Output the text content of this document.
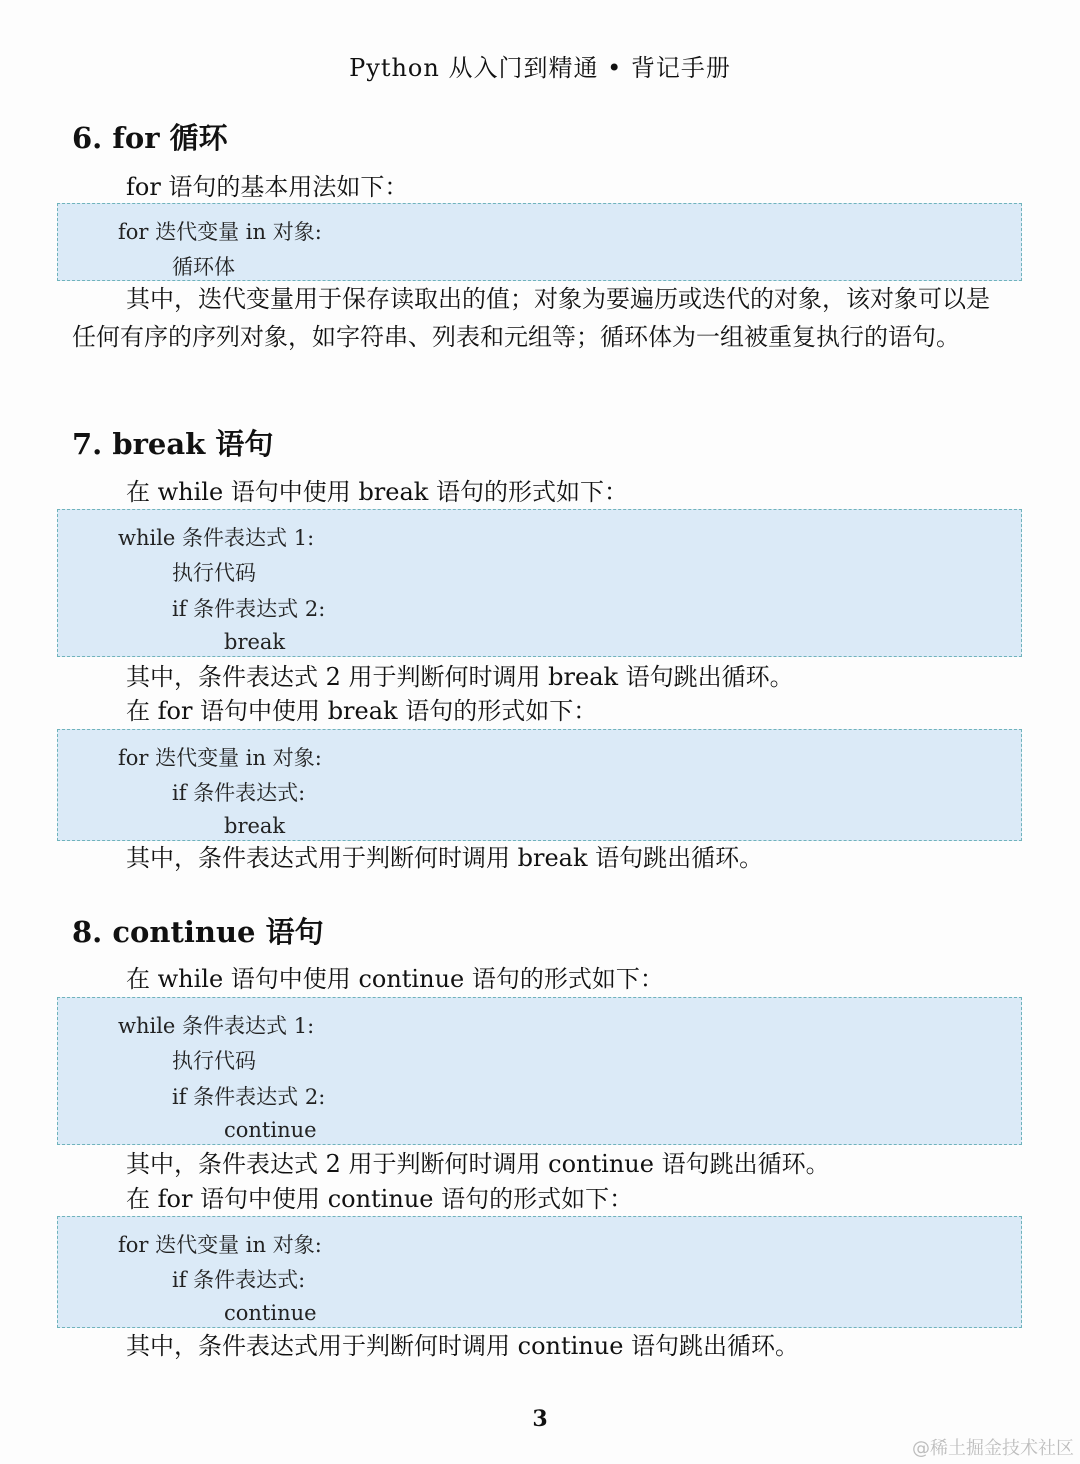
Python 从入门到精通 • 背记手册
6. for 循环
for 语句的基本用法如下：
for 迭代变量 in 对象:
循环体
其中，迭代变量用于保存读取出的值；对象为要遍历或迭代的对象，该对象可以是任何有序的序列对象，如字符串、列表和元组等；循环体为一组被重复执行的语句。
7. break 语句
在 while 语句中使用 break 语句的形式如下：
while 条件表达式 1:
执行代码
if 条件表达式 2:
break
其中，条件表达式 2 用于判断何时调用 break 语句跳出循环。
在 for 语句中使用 break 语句的形式如下：
for 迭代变量 in 对象:
if 条件表达式:
break
其中，条件表达式用于判断何时调用 break 语句跳出循环。
8. continue 语句
在 while 语句中使用 continue 语句的形式如下：
while 条件表达式 1:
执行代码
if 条件表达式 2:
continue
其中，条件表达式 2 用于判断何时调用 continue 语句跳出循环。
在 for 语句中使用 continue 语句的形式如下：
for 迭代变量 in 对象:
if 条件表达式:
continue
其中，条件表达式用于判断何时调用 continue 语句跳出循环。
3
@稀土掘金技术社区
